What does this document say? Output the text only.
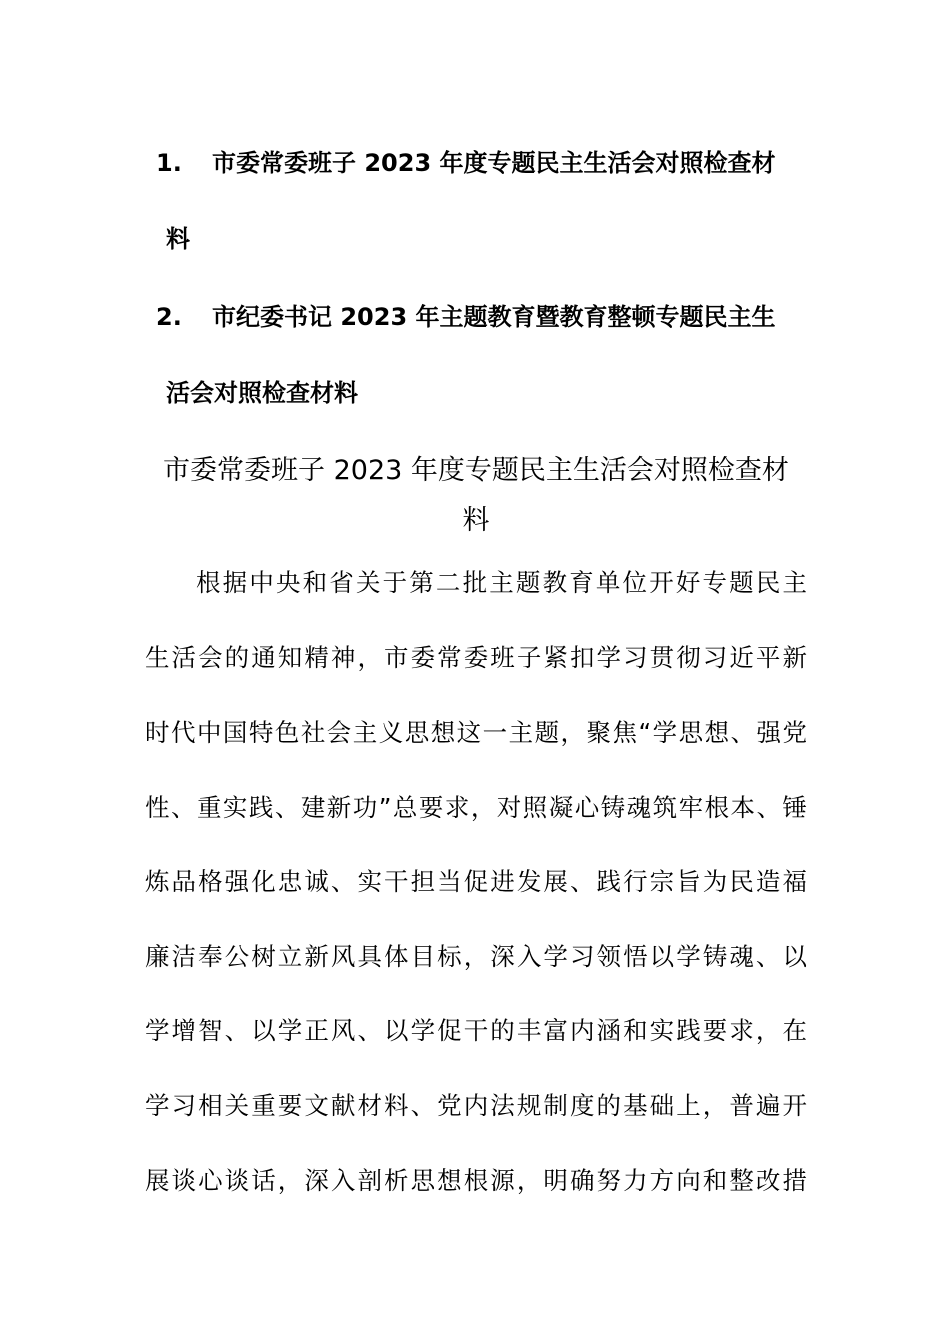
1. 市委常委班子 2023 年度专题民主生活会对照检查材
料
2. 市纪委书记 2023 年主题教育暨教育整顿专题民主生
活会对照检查材料
市委常委班子 2023 年度专题民主生活会对照检查材
料
根据中央和省关于第二批主题教育单位开好专题民主
生活会的通知精神，市委常委班子紧扣学习贯彻习近平新
时代中国特色社会主义思想这一主题，聚焦“学思想、强党
性、重实践、建新功”总要求，对照凝心铸魂筑牢根本、锤
炼品格强化忠诚、实干担当促进发展、践行宗旨为民造福
廉洁奉公树立新风具体目标，深入学习领悟以学铸魂、以
学增智、以学正风、以学促干的丰富内涵和实践要求，在
学习相关重要文献材料、党内法规制度的基础上，普遍开
展谈心谈话，深入剖析思想根源，明确努力方向和整改措
